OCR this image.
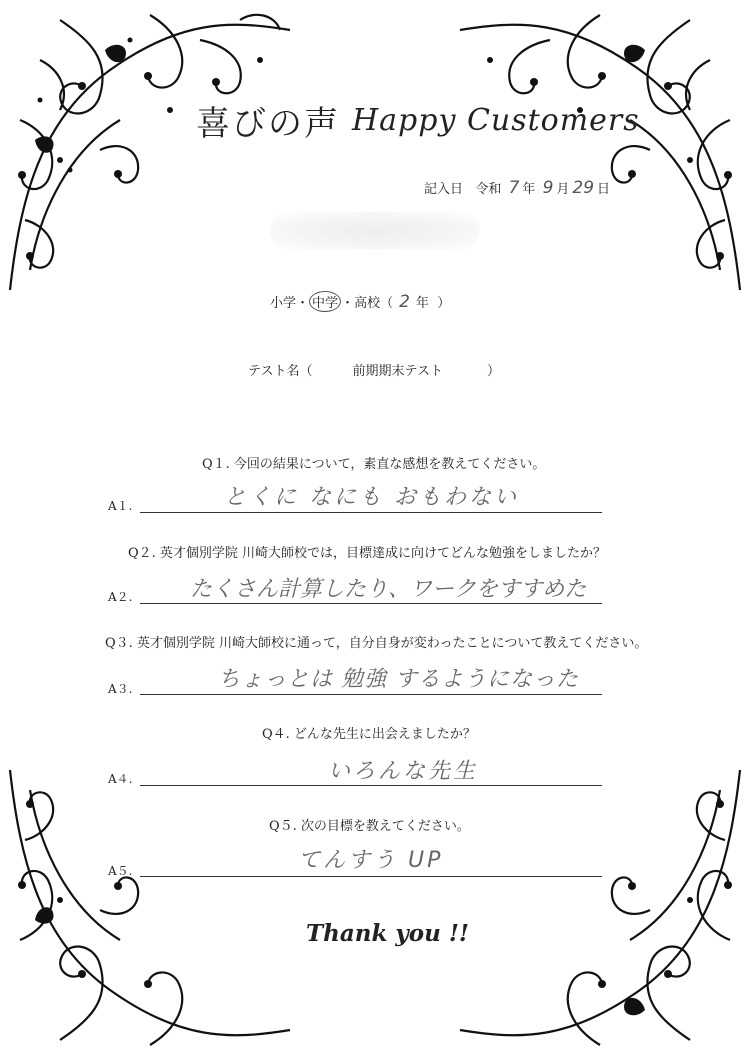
喜びの声 Happy Customers
記入日 令和 7 年 9 月 29 日
小学・ 中学 ・高校（ 2 年 ）
テスト名（	前期期末テスト	）
Q１. 今回の結果について，素直な感想を教えてください。
A１.	とくに なにも おもわない
Q２. 英才個別学院 川崎大師校では，目標達成に向けてどんな勉強をしましたか？
A２.	たくさん計算したり、ワークをすすめた
Q３. 英才個別学院 川崎大師校に通って，自分自身が変わったことについて教えてください。
A３.	ちょっとは 勉強 するようになった
Q４. どんな先生に出会えましたか？
A４.	いろんな先生
Q５. 次の目標を教えてください。
A５.	てんすう UP
Thank you !!
